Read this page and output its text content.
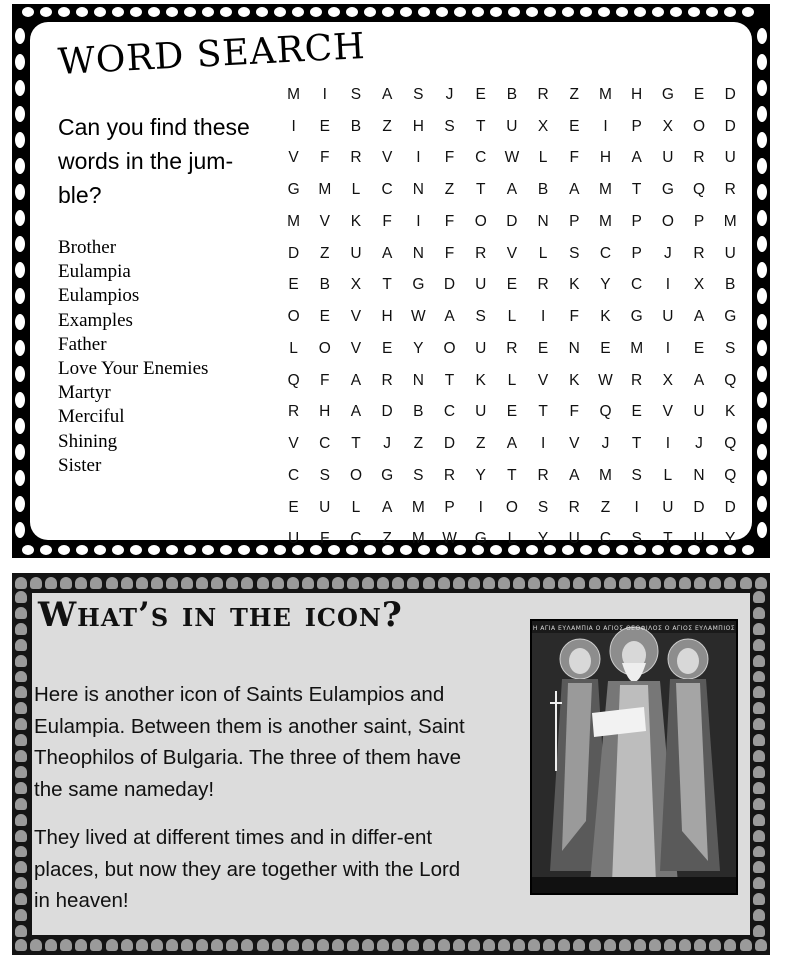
WORD SEARCH

Can you find these words in the jum-ble?

Brother
Eulampia
Eulampios
Examples
Father
Love Your Enemies
Martyr
Merciful
Shining
Sister
M	I	S	A	S	J	E	B	R	Z	M	H	G	E	D
I	E	B	Z	H	S	T	U	X	E	I	P	X	O	D
V	F	R	V	I	F	C	W	L	F	H	A	U	R	U
G	M	L	C	N	Z	T	A	B	A	M	T	G	Q	R
M	V	K	F	I	F	O	D	N	P	M	P	O	P	M
D	Z	U	A	N	F	R	V	L	S	C	P	J	R	U
E	B	X	T	G	D	U	E	R	K	Y	C	I	X	B
O	E	V	H	W	A	S	L	I	F	K	G	U	A	G
L	O	V	E	Y	O	U	R	E	N	E	M	I	E	S
Q	F	A	R	N	T	K	L	V	K	W	R	X	A	Q
R	H	A	D	B	C	U	E	T	F	Q	E	V	U	K
V	C	T	J	Z	D	Z	A	I	V	J	T	I	J	Q
C	S	O	G	S	R	Y	T	R	A	M	S	L	N	Q
E	U	L	A	M	P	I	O	S	R	Z	I	U	D	D
U	F	C	Z	M	W	G	L	Y	U	C	S	T	U	Y
What’s in the icon?

Here is another icon of Saints Eulampios and Eulampia. Between them is another saint, Saint Theophilos of Bulgaria. The three of them have the same nameday!

They lived at different times and in differ-ent places, but now they are together with the Lord in heaven!

Η ΑΓΙΑ ΕΥΛΑΜΠΙΑ Ο ΑΓΙΟΣ ΘΕΟΦΙΛΟΣ Ο ΑΓΙΟΣ ΕΥΛΑΜΠΙΟΣ
